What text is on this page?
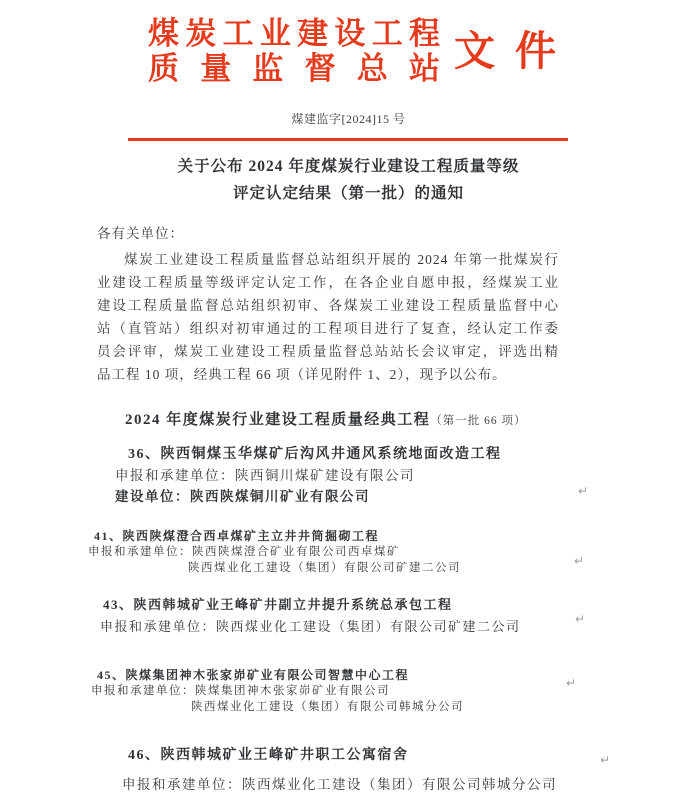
煤炭工业建设工程
质量监督总站 文件
煤建监字[2024]15 号
关于公布 2024 年度煤炭行业建设工程质量等级
评定认定结果（第一批）的通知
各有关单位：
煤炭工业建设工程质量监督总站组织开展的 2024 年第一批煤炭行
业建设工程质量等级评定认定工作，在各企业自愿申报，经煤炭工业
建设工程质量监督总站组织初审、各煤炭工业建设工程质量监督中心
站（直管站）组织对初审通过的工程项目进行了复查，经认定工作委
员会评审，煤炭工业建设工程质量监督总站站长会议审定，评选出精
品工程 10 项，经典工程 66 项（详见附件 1、2），现予以公布。
2024 年度煤炭行业建设工程质量经典工程（第一批 66 项）
36、陕西铜煤玉华煤矿后沟风井通风系统地面改造工程
申报和承建单位：陕西铜川煤矿建设有限公司
建设单位：陕西陕煤铜川矿业有限公司
41、陕西陕煤澄合西卓煤矿主立井井筒掘砌工程
申报和承建单位：陕西陕煤澄合矿业有限公司西卓煤矿
陕西煤业化工建设（集团）有限公司矿建二公司
43、陕西韩城矿业王峰矿井副立井提升系统总承包工程
申报和承建单位：陕西煤业化工建设（集团）有限公司矿建二公司
45、陕煤集团神木张家峁矿业有限公司智慧中心工程
申报和承建单位：陕煤集团神木张家峁矿业有限公司
陕西煤业化工建设（集团）有限公司韩城分公司
46、陕西韩城矿业王峰矿井职工公寓宿舍
申报和承建单位：陕西煤业化工建设（集团）有限公司韩城分公司
↵
↵
↵
↵
↵
